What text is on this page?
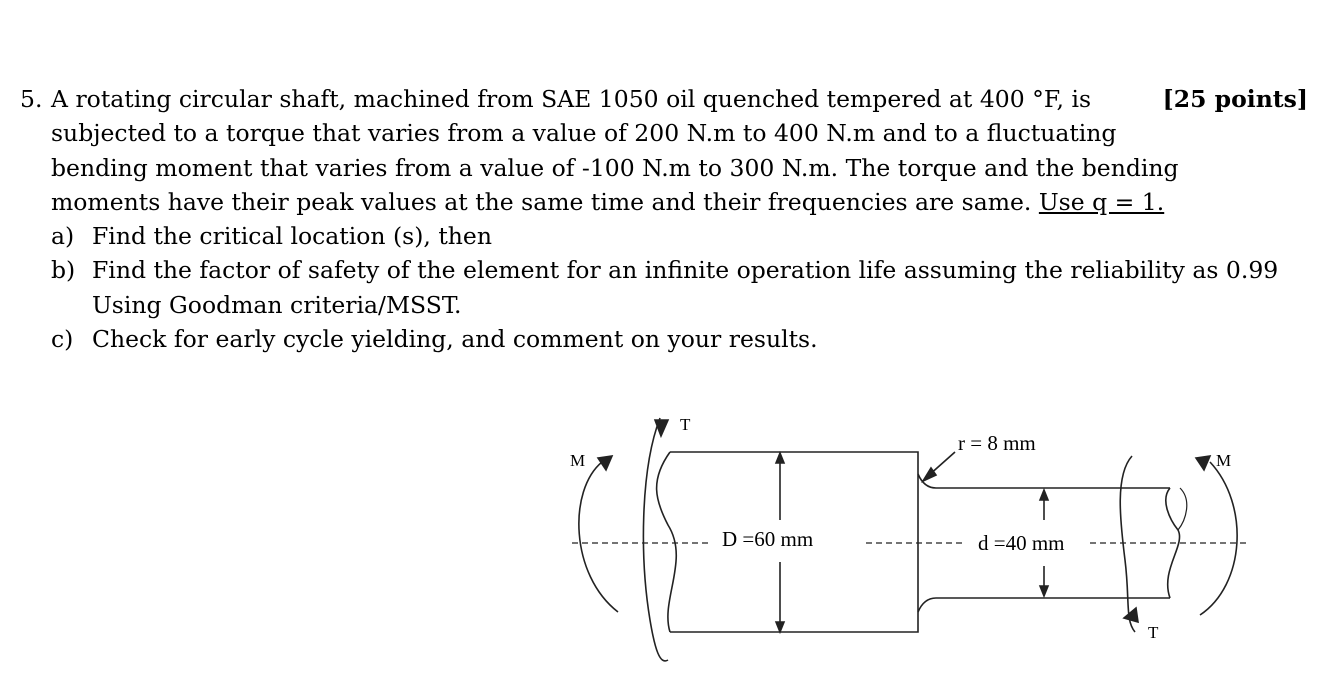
5. A rotating circular shaft, machined from SAE 1050 oil quenched tempered at 400 °F, is	[25 points]
subjected to a torque that varies from a value of 200 N.m to 400 N.m and to a fluctuating
bending moment that varies from a value of -100 N.m to 300 N.m. The torque and the bending
moments have their peak values at the same time and their frequencies are same. Use q = 1.
a) Find the critical location (s), then
b) Find the factor of safety of the element for an infinite operation life assuming the reliability as 0.99
Using Goodman criteria/MSST.
c) Check for early cycle yielding, and comment on your results.
M
T
r = 8 mm
D =60 mm	d =40 mm
M
T
